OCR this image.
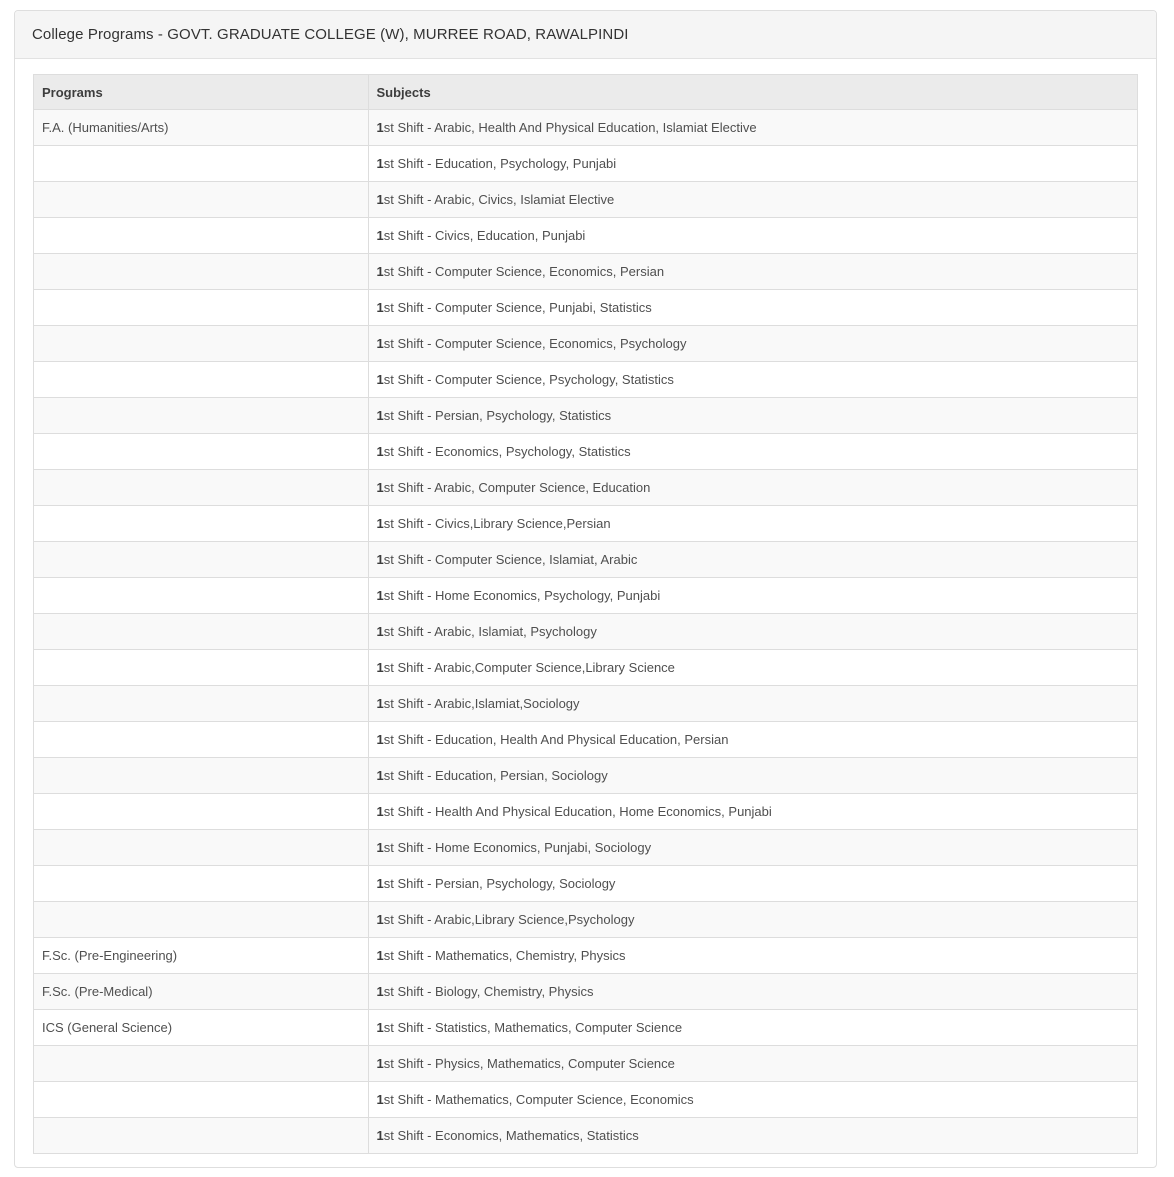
College Programs - GOVT. GRADUATE COLLEGE (W), MURREE ROAD, RAWALPINDI
Programs	Subjects
F.A. (Humanities/Arts)	1st Shift - Arabic, Health And Physical Education, Islamiat Elective
	1st Shift - Education, Psychology, Punjabi
	1st Shift - Arabic, Civics, Islamiat Elective
	1st Shift - Civics, Education, Punjabi
	1st Shift - Computer Science, Economics, Persian
	1st Shift - Computer Science, Punjabi, Statistics
	1st Shift - Computer Science, Economics, Psychology
	1st Shift - Computer Science, Psychology, Statistics
	1st Shift - Persian, Psychology, Statistics
	1st Shift - Economics, Psychology, Statistics
	1st Shift - Arabic, Computer Science, Education
	1st Shift - Civics,Library Science,Persian
	1st Shift - Computer Science, Islamiat, Arabic
	1st Shift - Home Economics, Psychology, Punjabi
	1st Shift - Arabic, Islamiat, Psychology
	1st Shift - Arabic,Computer Science,Library Science
	1st Shift - Arabic,Islamiat,Sociology
	1st Shift - Education, Health And Physical Education, Persian
	1st Shift - Education, Persian, Sociology
	1st Shift - Health And Physical Education, Home Economics, Punjabi
	1st Shift - Home Economics, Punjabi, Sociology
	1st Shift - Persian, Psychology, Sociology
	1st Shift - Arabic,Library Science,Psychology
F.Sc. (Pre-Engineering)	1st Shift - Mathematics, Chemistry, Physics
F.Sc. (Pre-Medical)	1st Shift - Biology, Chemistry, Physics
ICS (General Science)	1st Shift - Statistics, Mathematics, Computer Science
	1st Shift - Physics, Mathematics, Computer Science
	1st Shift - Mathematics, Computer Science, Economics
	1st Shift - Economics, Mathematics, Statistics
